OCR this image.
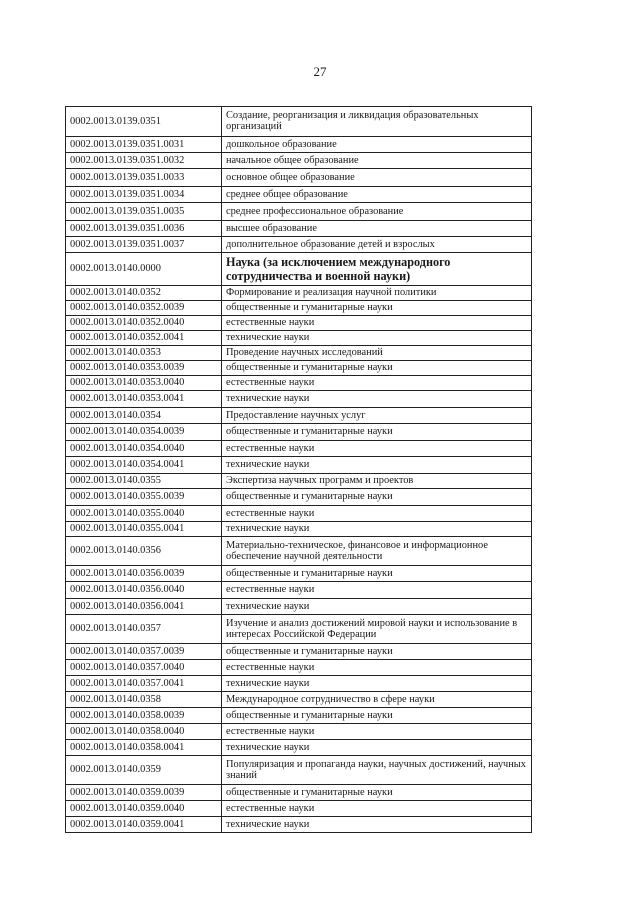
27
0002.0013.0139.0351	Создание, реорганизация и ликвидация образовательных организаций
0002.0013.0139.0351.0031	дошкольное образование
0002.0013.0139.0351.0032	начальное общее образование
0002.0013.0139.0351.0033	основное общее образование
0002.0013.0139.0351.0034	среднее общее образование
0002.0013.0139.0351.0035	среднее профессиональное образование
0002.0013.0139.0351.0036	высшее образование
0002.0013.0139.0351.0037	дополнительное образование детей и взрослых
0002.0013.0140.0000	Наука (за исключением международного сотрудничества и военной науки)
0002.0013.0140.0352	Формирование и реализация научной политики
0002.0013.0140.0352.0039	общественные и гуманитарные науки
0002.0013.0140.0352.0040	естественные науки
0002.0013.0140.0352.0041	технические науки
0002.0013.0140.0353	Проведение научных исследований
0002.0013.0140.0353.0039	общественные и гуманитарные науки
0002.0013.0140.0353.0040	естественные науки
0002.0013.0140.0353.0041	технические науки
0002.0013.0140.0354	Предоставление научных услуг
0002.0013.0140.0354.0039	общественные и гуманитарные науки
0002.0013.0140.0354.0040	естественные науки
0002.0013.0140.0354.0041	технические науки
0002.0013.0140.0355	Экспертиза научных программ и проектов
0002.0013.0140.0355.0039	общественные и гуманитарные науки
0002.0013.0140.0355.0040	естественные науки
0002.0013.0140.0355.0041	технические науки
0002.0013.0140.0356	Материально-техническое, финансовое и информационное обеспечение научной деятельности
0002.0013.0140.0356.0039	общественные и гуманитарные науки
0002.0013.0140.0356.0040	естественные науки
0002.0013.0140.0356.0041	технические науки
0002.0013.0140.0357	Изучение и анализ достижений мировой науки и использование в интересах Российской Федерации
0002.0013.0140.0357.0039	общественные и гуманитарные науки
0002.0013.0140.0357.0040	естественные науки
0002.0013.0140.0357.0041	технические науки
0002.0013.0140.0358	Международное сотрудничество в сфере науки
0002.0013.0140.0358.0039	общественные и гуманитарные науки
0002.0013.0140.0358.0040	естественные науки
0002.0013.0140.0358.0041	технические науки
0002.0013.0140.0359	Популяризация и пропаганда науки, научных достижений, научных знаний
0002.0013.0140.0359.0039	общественные и гуманитарные науки
0002.0013.0140.0359.0040	естественные науки
0002.0013.0140.0359.0041	технические науки
